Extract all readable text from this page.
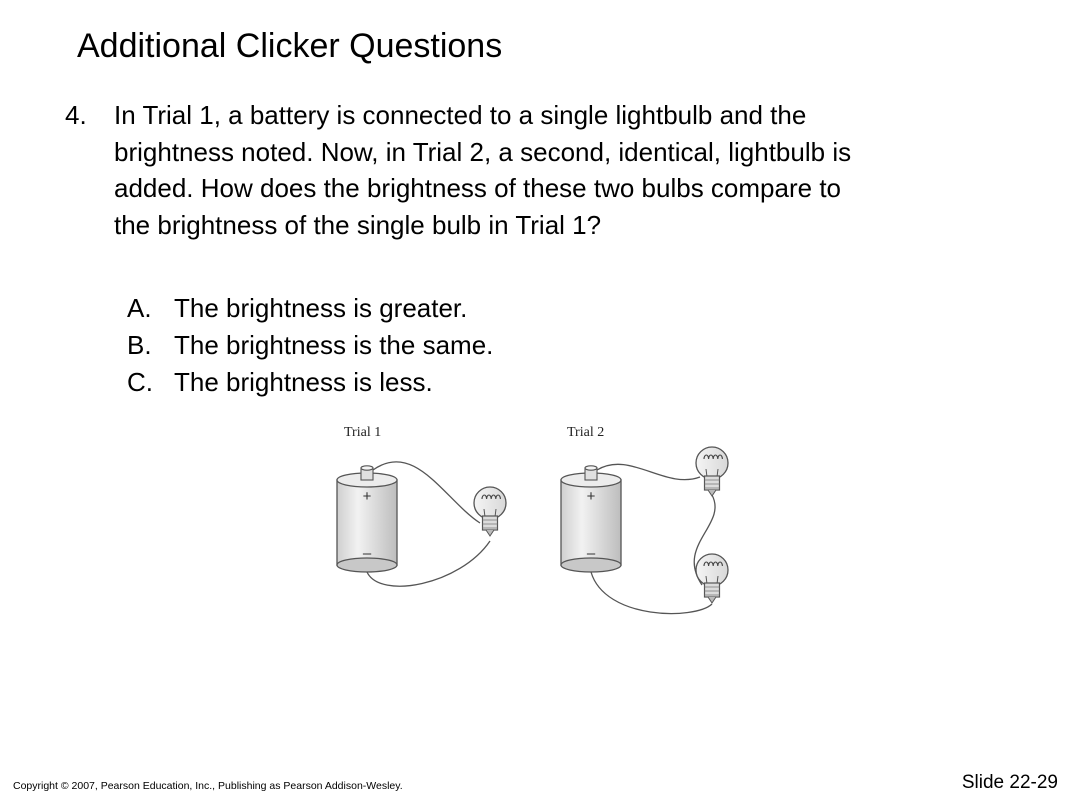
Additional Clicker Questions
4. In Trial 1, a battery is connected to a single lightbulb and the
brightness noted. Now, in Trial 2, a second, identical, lightbulb is
added. How does the brightness of these two bulbs compare to
the brightness of the single bulb in Trial 1?
A. The brightness is greater.
B. The brightness is the same.
C. The brightness is less.
Trial 1	Trial 2
+
–
+
–
Copyright © 2007, Pearson Education, Inc., Publishing as Pearson Addison-Wesley.	Slide 22-29
